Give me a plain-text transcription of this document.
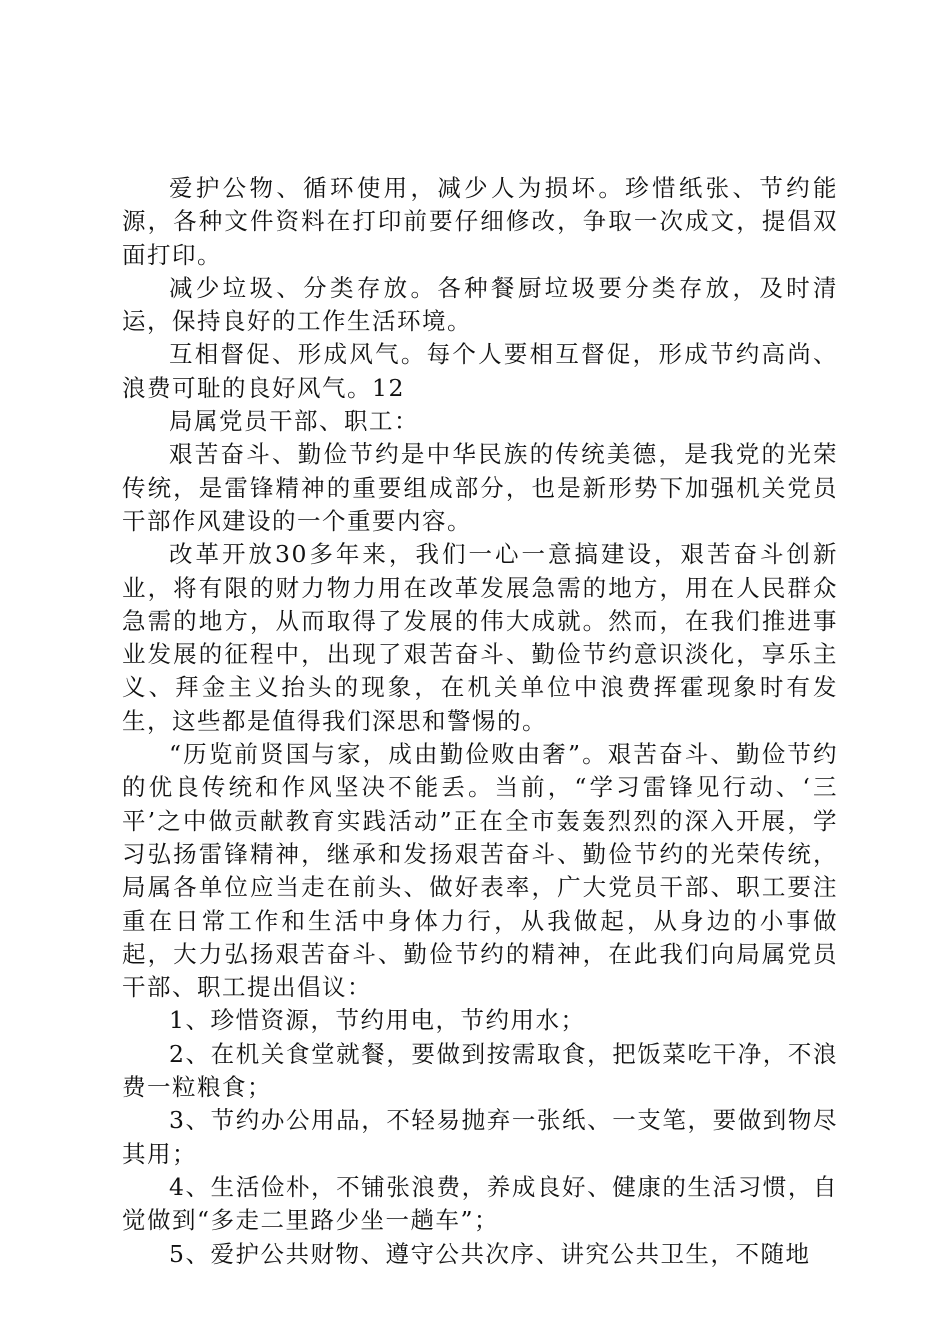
爱护公物、循环使用，减少人为损坏。珍惜纸张、节约能源，各种文件资料在打印前要仔细修改，争取一次成文，提倡双面打印。

减少垃圾、分类存放。各种餐厨垃圾要分类存放，及时清运，保持良好的工作生活环境。

互相督促、形成风气。每个人要相互督促，形成节约高尚、浪费可耻的良好风气。12

局属党员干部、职工：

艰苦奋斗、勤俭节约是中华民族的传统美德，是我党的光荣传统，是雷锋精神的重要组成部分，也是新形势下加强机关党员干部作风建设的一个重要内容。

改革开放30多年来，我们一心一意搞建设，艰苦奋斗创新业，将有限的财力物力用在改革发展急需的地方，用在人民群众急需的地方，从而取得了发展的伟大成就。然而，在我们推进事业发展的征程中，出现了艰苦奋斗、勤俭节约意识淡化，享乐主义、拜金主义抬头的现象，在机关单位中浪费挥霍现象时有发生，这些都是值得我们深思和警惕的。

“历览前贤国与家，成由勤俭败由奢”。艰苦奋斗、勤俭节约的优良传统和作风坚决不能丢。当前，“学习雷锋见行动、‘三平’之中做贡献教育实践活动”正在全市轰轰烈烈的深入开展，学习弘扬雷锋精神，继承和发扬艰苦奋斗、勤俭节约的光荣传统，局属各单位应当走在前头、做好表率，广大党员干部、职工要注重在日常工作和生活中身体力行，从我做起，从身边的小事做起，大力弘扬艰苦奋斗、勤俭节约的精神，在此我们向局属党员干部、职工提出倡议：

1、珍惜资源，节约用电，节约用水；

2、在机关食堂就餐，要做到按需取食，把饭菜吃干净，不浪费一粒粮食；

3、节约办公用品，不轻易抛弃一张纸、一支笔，要做到物尽其用；

4、生活俭朴，不铺张浪费，养成良好、健康的生活习惯，自觉做到“多走二里路少坐一趟车”；

5、爱护公共财物、遵守公共次序、讲究公共卫生，不随地
